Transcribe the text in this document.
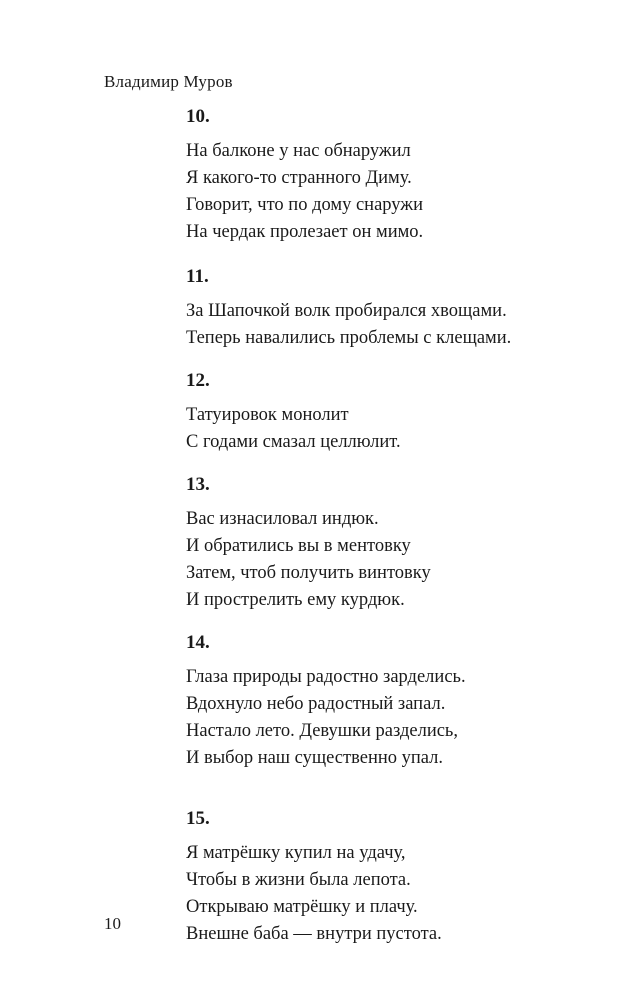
Владимир Муров
10.
На балконе у нас обнаружил
Я какого-то странного Диму.
Говорит, что по дому снаружи
На чердак пролезает он мимо.
11.
За Шапочкой волк пробирался хвощами.
Теперь навалились проблемы с клещами.
12.
Татуировок монолит
С годами смазал целлюлит.
13.
Вас изнасиловал индюк.
И обратились вы в ментовку
Затем, чтоб получить винтовку
И прострелить ему курдюк.
14.
Глаза природы радостно зарделись.
Вдохнуло небо радостный запал.
Настало лето. Девушки разделись,
И выбор наш существенно упал.
15.
Я матрёшку купил на удачу,
Чтобы в жизни была лепота.
Открываю матрёшку и плачу.
Внешне баба — внутри пустота.
10
